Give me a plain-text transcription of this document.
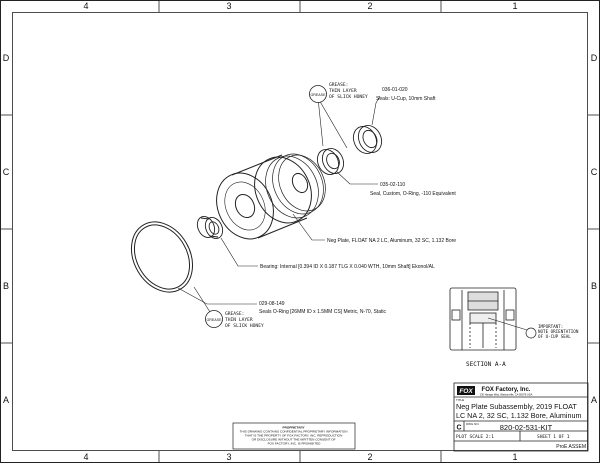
4	3	2	1
4	3	2	1
D
C
B
A
D
C
B
A
GREASE
GREASE: THIN LAYER OF SLICK HONEY
GREASE
GREASE: THIN LAYER OF SLICK HONEY
036-01-020
Seals: U-Cup, 10mm Shaft
035-02-110
Seal, Custom, O-Ring, -110 Equivalent
Bearing: Internal [0.394 ID X 0.187 TLG X 0.040 WTH, 10mm Shaft] Ekonol/AL
029-08-149
Neg Plate, FLOAT NA 2 LC, Aluminum, 32 SC, 1.132 Bore
Seals O-Ring [26MM ID x 1.5MM CS] Metric, N-70, Static
IMPORTANT: NOTE ORIENTATION OF U-CUP SEAL
SECTION A-A
FOX FOX Factory, Inc.
130 Hangar Way, Watsonville, CA 95076 USA
TITLE
Neg Plate Subassembly, 2019 FLOAT
LC NA 2, 32 SC, 1.132 Bore, Aluminum
C
DWG NO.	820-02-531-KIT
PLOT SCALE 2:1	SHEET 1 OF 1
ProE ASSEM
PROPRIETARY THIS DRAWING CONTAINS CONFIDENTIAL PROPRIETARY INFORMATION THAT IS THE PROPERTY OF FOX FACTORY, INC. REPRODUCTION OR DISCLOSURE WITHOUT THE WRITTEN CONSENT OF FOX FACTORY, INC. IS PROHIBITED
